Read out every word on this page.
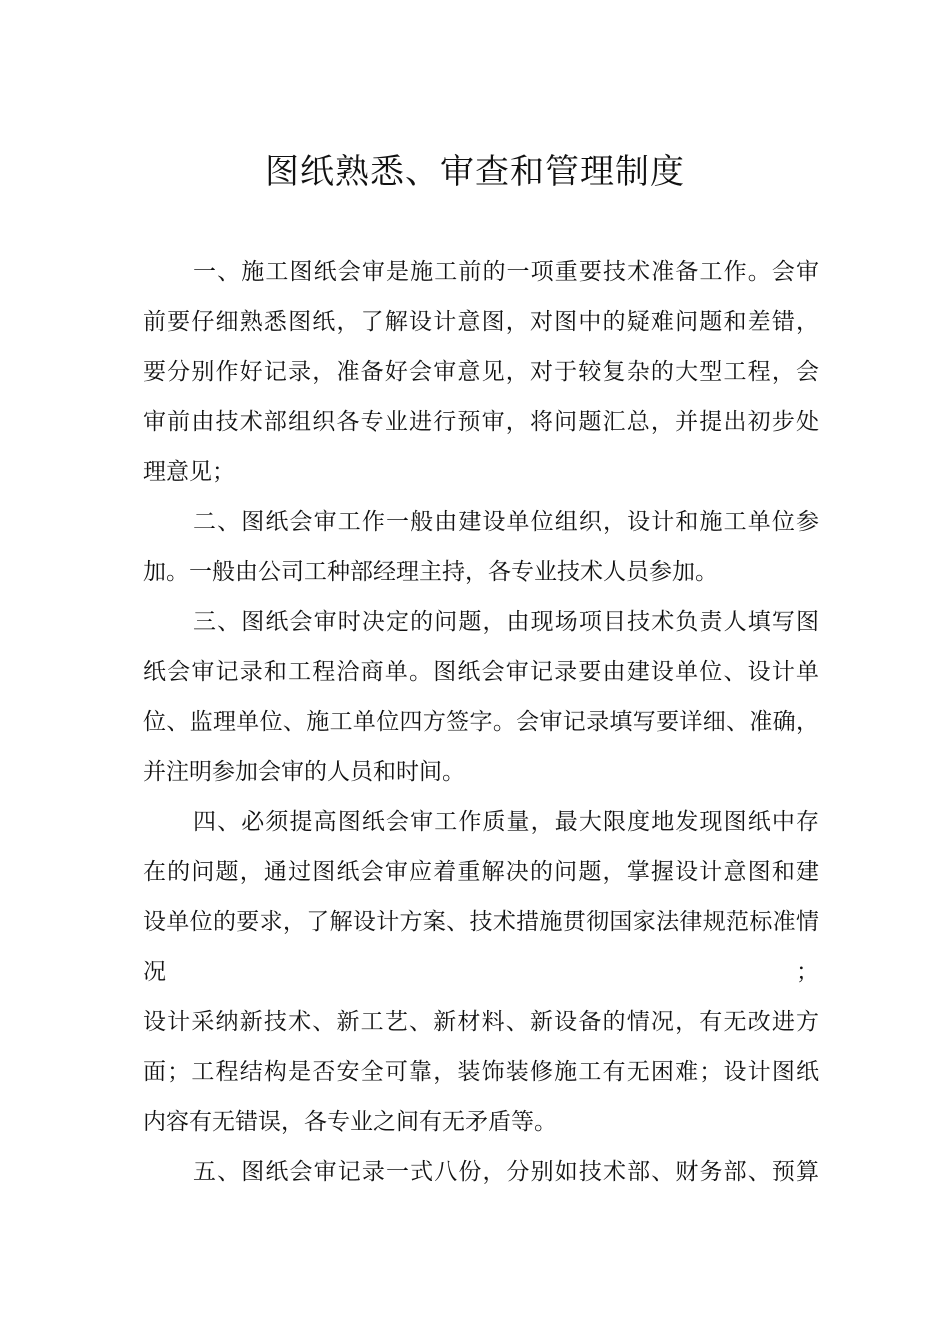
图纸熟悉、审查和管理制度

一、施工图纸会审是施工前的一项重要技术准备工作。会审

前要仔细熟悉图纸，了解设计意图，对图中的疑难问题和差错，

要分别作好记录，准备好会审意见，对于较复杂的大型工程，会

审前由技术部组织各专业进行预审，将问题汇总，并提出初步处

理意见；

二、图纸会审工作一般由建设单位组织，设计和施工单位参

加。一般由公司工种部经理主持，各专业技术人员参加。

三、图纸会审时决定的问题，由现场项目技术负责人填写图

纸会审记录和工程洽商单。图纸会审记录要由建设单位、设计单

位、监理单位、施工单位四方签字。会审记录填写要详细、准确，

并注明参加会审的人员和时间。

四、必须提高图纸会审工作质量，最大限度地发现图纸中存

在的问题，通过图纸会审应着重解决的问题，掌握设计意图和建

设单位的要求，了解设计方案、技术措施贯彻国家法律规范标准情

况	；

设计采纳新技术、新工艺、新材料、新设备的情况，有无改进方

面；工程结构是否安全可靠，装饰装修施工有无困难；设计图纸

内容有无错误，各专业之间有无矛盾等。

五、图纸会审记录一式八份，分别如技术部、财务部、预算
